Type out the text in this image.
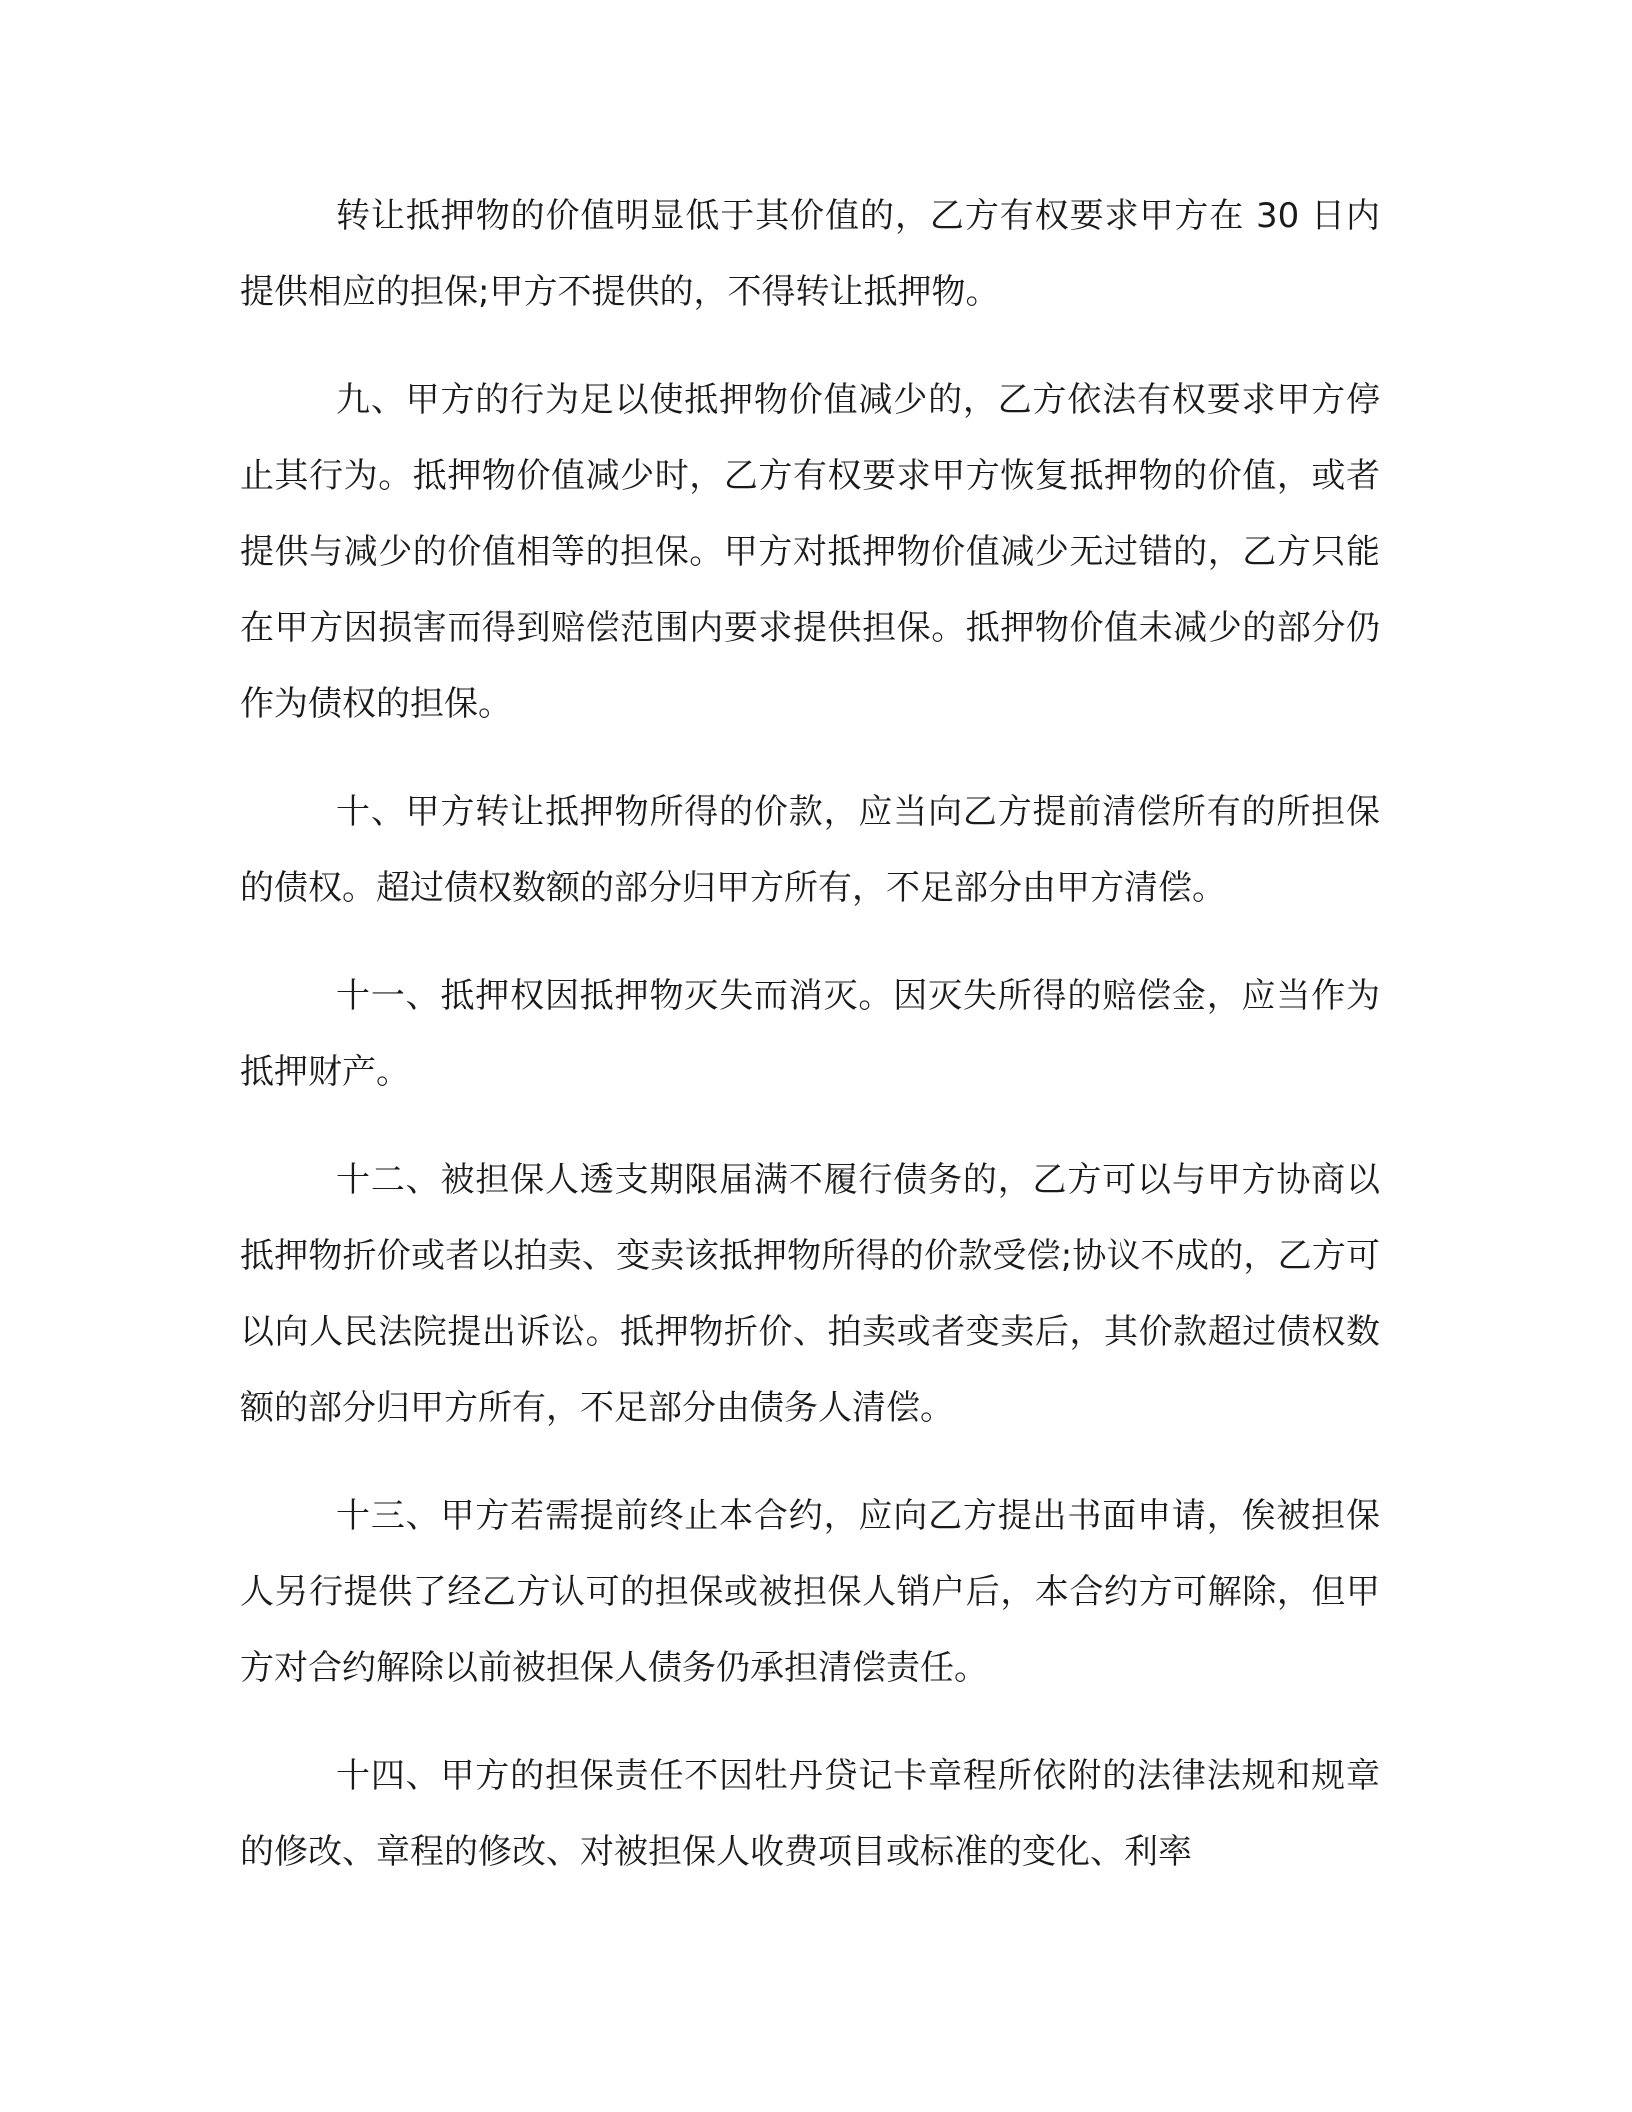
转让抵押物的价值明显低于其价值的，乙方有权要求甲方在 30 日内提供相应的担保;甲方不提供的，不得转让抵押物。

九、甲方的行为足以使抵押物价值减少的，乙方依法有权要求甲方停止其行为。抵押物价值减少时，乙方有权要求甲方恢复抵押物的价值，或者提供与减少的价值相等的担保。甲方对抵押物价值减少无过错的，乙方只能在甲方因损害而得到赔偿范围内要求提供担保。抵押物价值未减少的部分仍作为债权的担保。

十、甲方转让抵押物所得的价款，应当向乙方提前清偿所有的所担保的债权。超过债权数额的部分归甲方所有，不足部分由甲方清偿。

十一、抵押权因抵押物灭失而消灭。因灭失所得的赔偿金，应当作为抵押财产。

十二、被担保人透支期限届满不履行债务的，乙方可以与甲方协商以抵押物折价或者以拍卖、变卖该抵押物所得的价款受偿;协议不成的，乙方可以向人民法院提出诉讼。抵押物折价、拍卖或者变卖后，其价款超过债权数额的部分归甲方所有，不足部分由债务人清偿。

十三、甲方若需提前终止本合约，应向乙方提出书面申请，俟被担保人另行提供了经乙方认可的担保或被担保人销户后，本合约方可解除，但甲方对合约解除以前被担保人债务仍承担清偿责任。

十四、甲方的担保责任不因牡丹贷记卡章程所依附的法律法规和规章的修改、章程的修改、对被担保人收费项目或标准的变化、利率
